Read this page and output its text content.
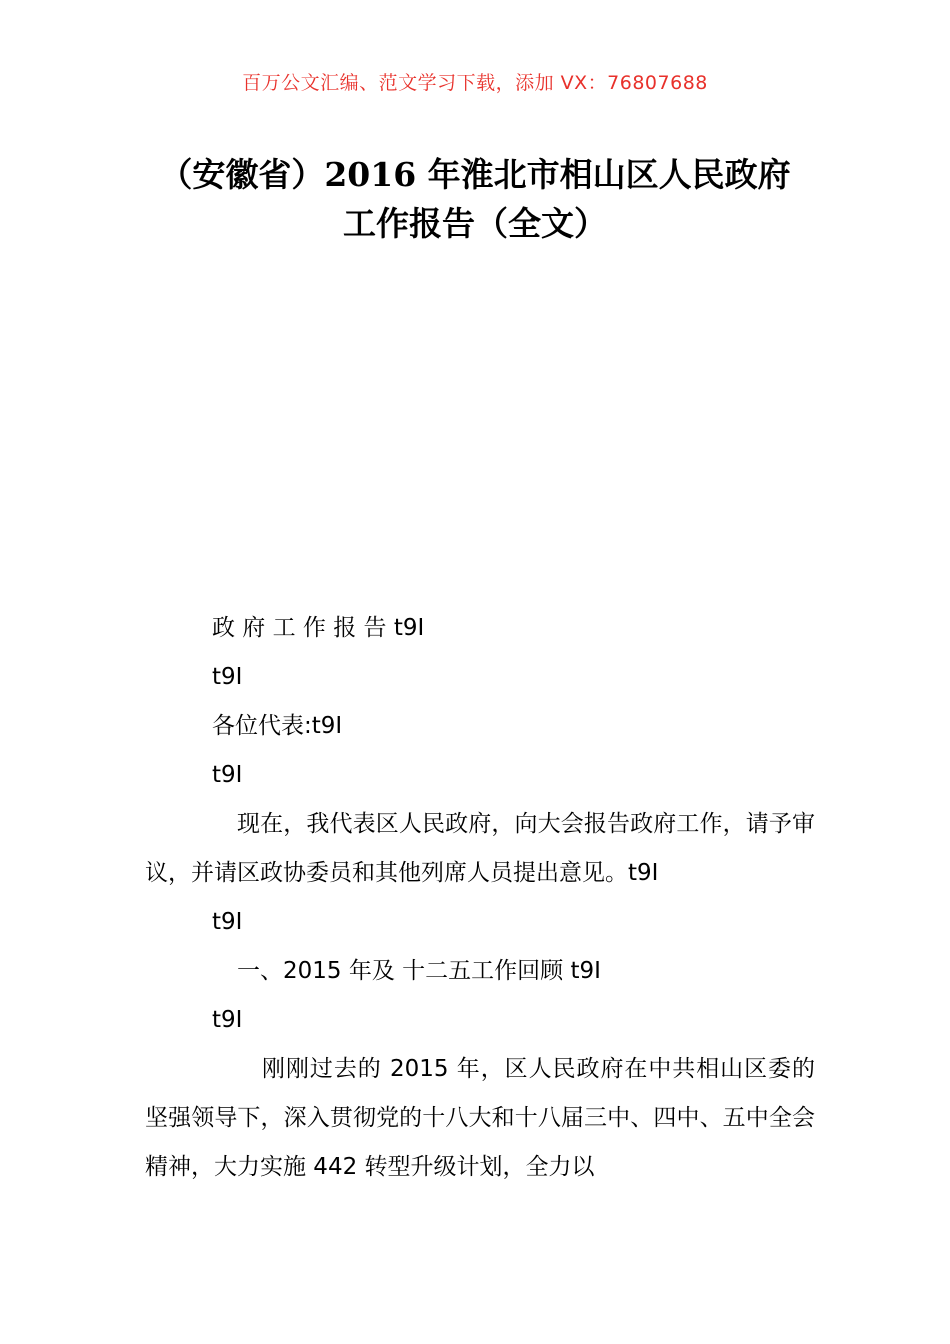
百万公文汇编、范文学习下载，添加 VX：76807688
（安徽省）2016 年淮北市相山区人民政府
工作报告（全文）

政 府 工 作 报 告 t9I

t9I

各位代表:t9I

t9I

现在，我代表区人民政府，向大会报告政府工作，请予审议，并请区政协委员和其他列席人员提出意见。t9I

t9I

一、2015 年及 十二五工作回顾 t9I

t9I

刚刚过去的 2015 年，区人民政府在中共相山区委的坚强领导下，深入贯彻党的十八大和十八届三中、四中、五中全会精神，大力实施 442 转型升级计划，全力以
